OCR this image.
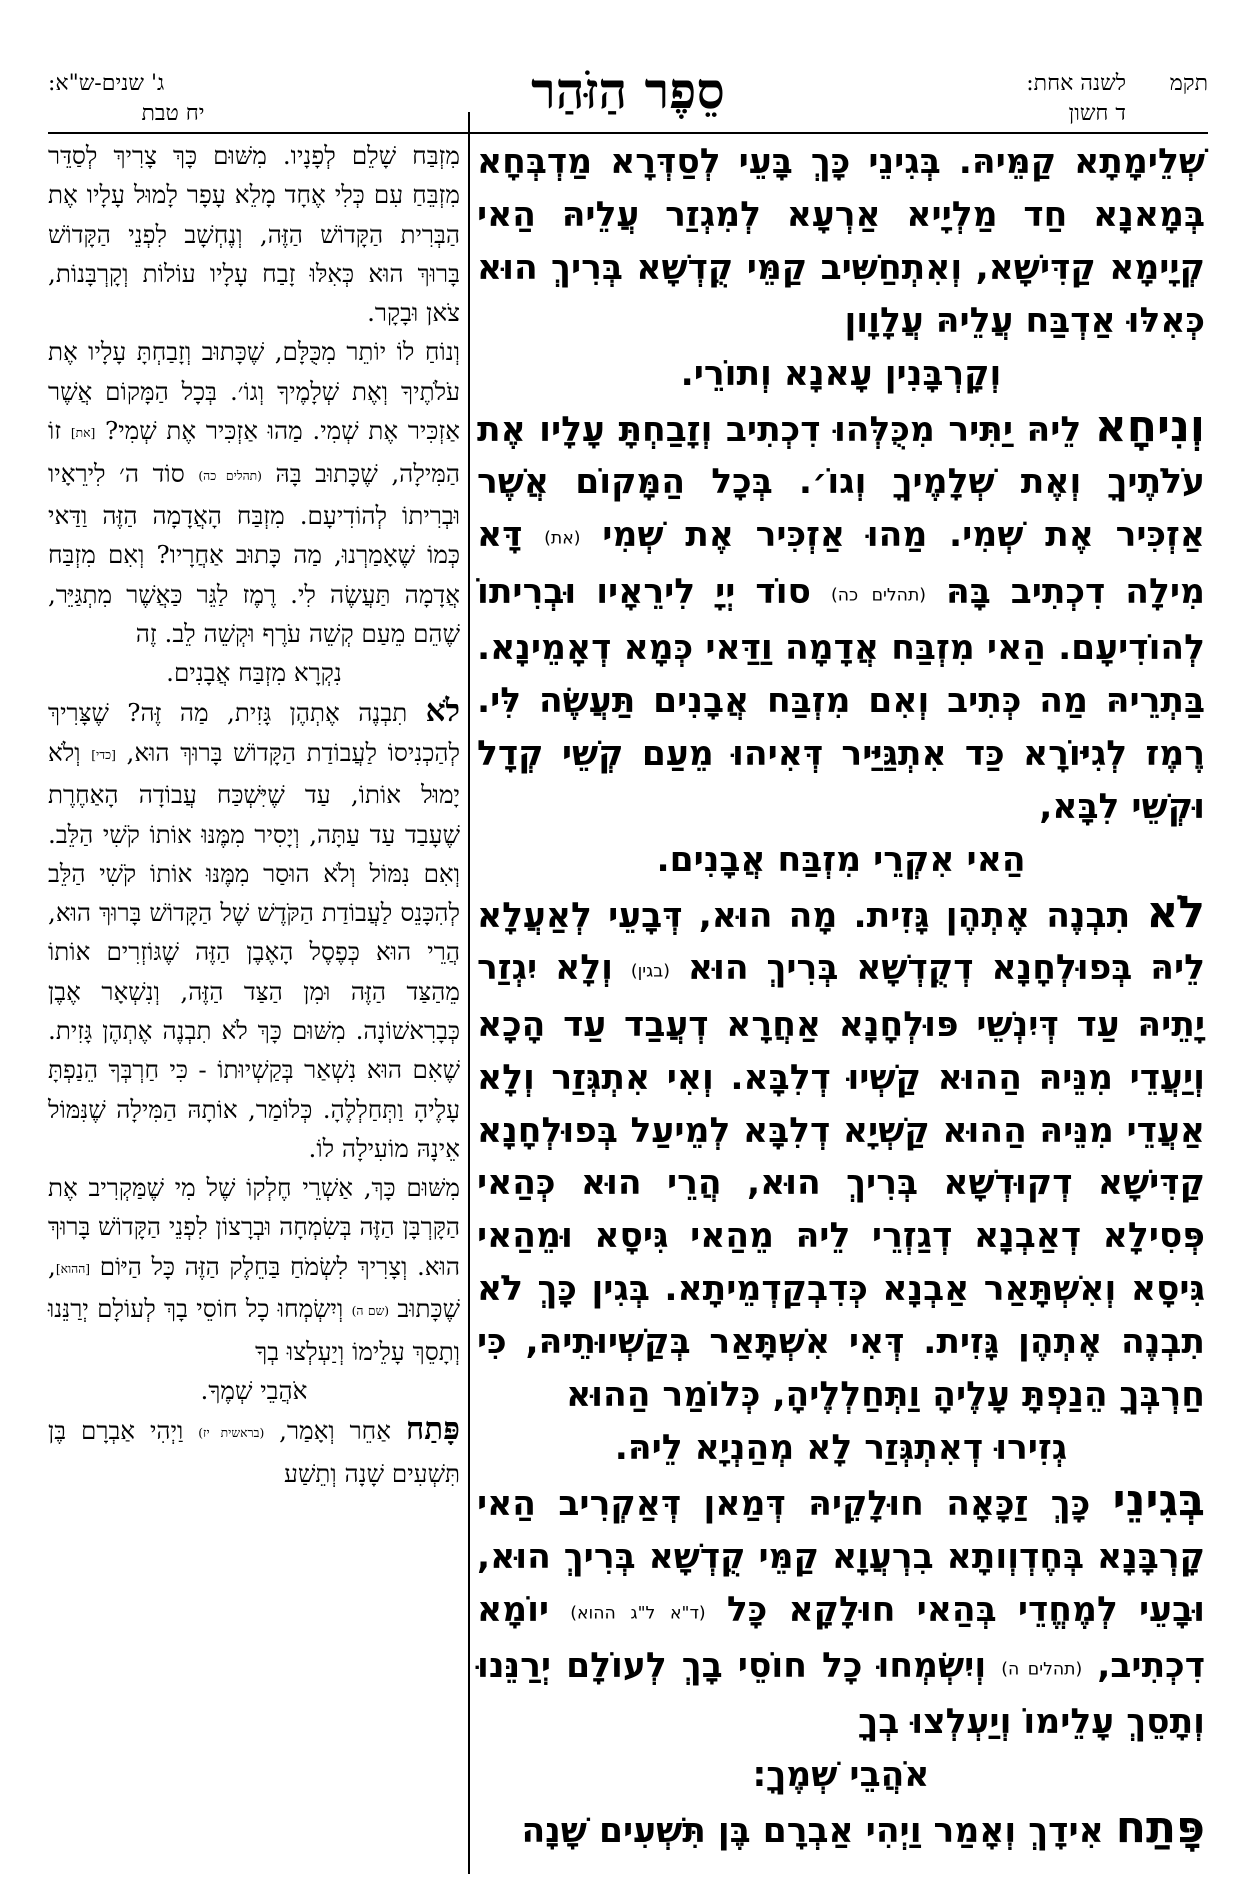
תקמ
לשנה אחת:
ד חשון
סֵפֶר הַזֹּהַר
ג' שנים-ש"א:
יח טבת

שְׁלֵימָתָא קַמֵּיהּ. בְּגִינֵי כָּךְ בָּעֵי לְסַדְּרָא מַדְבְּחָא בְּמָאנָא חַד מַלְיָיא אַרְעָא לְמִגְזַר עֲלֵיהּ הַאי קְיָימָא קַדִּישָׁא, וְאִתְחַשִּׁיב קַמֵּי קֻדְשָׁא בְּרִיךְ הוּא כְּאִלּוּ אַדְבַּח עֲלֵיהּ עֲלָוָון

וְקָרְבָּנִין עָאנָא וְתוֹרֵי.

וְנִיחָא לֵיהּ יַתִּיר מִכֻּלְּהוּ דִכְתִיב וְזָבַחְתָּ עָלָיו אֶת עֹלֹתֶיךָ וְאֶת שְׁלָמֶיךָ וְגוֹ׳. בְּכָל הַמָּקוֹם אֲשֶׁר אַזְכִּיר אֶת שְׁמִי. מַהוּ אַזְכִּיר אֶת שְׁמִי (את) דָּא מִילָה דִכְתִיב בָּהּ (תהלים כה) סוֹד יְיָ לִירֵאָיו וּבְרִיתוֹ לְהוֹדִיעָם. הַאי מִזְבַּח אֲדָמָה וַדַּאי כְּמָא דְאָמֵינָא. בַּתְרֵיהּ מַה כְּתִיב וְאִם מִזְבַּח אֲבָנִים תַּעֲשֶׂה לִּי. רֶמֶז לְגִיּוֹרָא כַּד אִתְגַּיַּיר דְּאִיהוּ מֵעַם קְשֵׁי קְדָל וּקְשֵׁי לִבָּא,

הַאי אִקְרֵי מִזְבַּח אֲבָנִים.

לֹא תִבְנֶה אֶתְהֶן גָּזִית. מָה הוּא, דְּבָעֵי לְאַעֲלָא לֵיהּ בְּפוּלְחָנָא דְקֻדְשָׁא בְּרִיךְ הוּא (בגין) וְלָא יִגְזַר יָתֵיהּ עַד דְּיִנְשֵׁי פּוּלְחָנָא אַחֲרָא דְעֲבַד עַד הָכָא וְיַעֲדֵי מִנֵּיהּ הַהוּא קַשְׁיוּ דְלִבָּא. וְאִי אִתְגְּזַר וְלָא אַעֲדֵי מִנֵּיהּ הַהוּא קַשְׁיָא דְלִבָּא לְמֵיעַל בְּפוּלְחָנָא קַדִּישָׁא דְקוּדְשָׁא בְּרִיךְ הוּא, הֲרֵי הוּא כְּהַאי פְּסִילָא דְאַבְנָא דְגַזְרֵי לֵיהּ מֵהַאי גִּיסָא וּמֵהַאי גִּיסָא וְאִשְׁתָּאַר אַבְנָא כְּדִבְקַדְמֵיתָא. בְּגִין כָּךְ לֹא תִבְנֶה אֶתְהֶן גָּזִית. דְּאִי אִשְׁתָּאַר בְּקַשְׁיוּתֵיהּ, כִּי חַרְבְּךָ הֵנַפְתָּ עָלֶיהָ וַתְּחַלְלֶיהָ, כְּלוֹמַר הַהוּא

גְזִירוּ דְאִתְגְּזַר לָא מְהַנְיָא לֵיהּ.

בְּגִינֵי כָּךְ זַכָּאָה חוּלָקֵיהּ דְּמַאן דְּאַקְרִיב הַאי קָרְבָּנָא בְּחֶדְוְותָא בִרְעֲוָא קַמֵּי קֻדְשָׁא בְּרִיךְ הוּא, וּבָעֵי לְמֶחֱדֵי בְּהַאי חוּלָקָא כָּל (ד"א ל"ג ההוא) יוֹמָא דִכְתִיב, (תהלים ה) וְיִשְׂמְחוּ כָל חוֹסֵי בָךְ לְעוֹלָם יְרַנֵּנוּ וְתָסֵךְ עָלֵימוֹ וְיַעְלְצוּ בְךָ

אֹהֲבֵי שְׁמֶךָ:

פָּתַח אִידָךְ וְאָמַר וַיְהִי אַבְרָם בֶּן תִּשְׁעִים שָׁנָה

מִזְבַּח שָׁלֵם לְפָנָיו. מִשּׁוּם כָּךְ צָרִיךְ לְסַדֵּר מִזְבֵּחַ עִם כְּלִי אֶחָד מָלֵא עָפָר לָמוּל עָלָיו אֶת הַבְּרִית הַקָּדוֹשׁ הַזֶּה, וְנֶחְשָׁב לִפְנֵי הַקָּדוֹשׁ בָּרוּךְ הוּא כְּאִלּוּ זָבַח עָלָיו עוֹלוֹת וְקָרְבָּנוֹת, צֹאן וּבָקָר.

וְנוֹחַ לוֹ יוֹתֵר מִכֻּלָּם, שֶׁכָּתוּב וְזָבַחְתָּ עָלָיו אֶת עֹלֹתֶיךָ וְאֶת שְׁלָמֶיךָ וְגוֹ׳. בְּכָל הַמָּקוֹם אֲשֶׁר אַזְכִּיר אֶת שְׁמִי. מַהוּ אַזְכִּיר אֶת שְׁמִי? [את] זוֹ הַמִּילָה, שֶׁכָּתוּב בָּהּ (תהלים כה) סוֹד ה׳ לִירֵאָיו וּבְרִיתוֹ לְהוֹדִיעָם. מִזְבַּח הָאֲדָמָה הַזֶּה וַדַּאי כְּמוֹ שֶׁאָמַרְנוּ, מַה כָּתוּב אַחֲרָיו? וְאִם מִזְבַּח אֲדָמָה תַּעֲשֶׂה לִי. רֶמֶז לַגֵּר כַּאֲשֶׁר מִתְגַּיֵּר, שֶׁהֵם מֵעַם קְשֵׁה עֹרֶף וּקְשֵׁה לֵב. זֶה

נִקְרָא מִזְבַּח אֲבָנִים.

לֹא תִבְנֶה אֶתְהֶן גָּזִית, מַה זֶּה? שֶׁצָּרִיךְ לְהַכְנִיסוֹ לַעֲבוֹדַת הַקָּדוֹשׁ בָּרוּךְ הוּא, [כדי] וְלֹא יָמוּל אוֹתוֹ, עַד שֶׁיִּשְׁכַּח עֲבוֹדָה הָאַחֶרֶת שֶׁעָבַד עַד עַתָּה, וְיָסִיר מִמֶּנּוּ אוֹתוֹ קֹשִׁי הַלֵּב. וְאִם נִמּוֹל וְלֹא הוּסַר מִמֶּנּוּ אוֹתוֹ קֹשִׁי הַלֵּב לְהִכָּנֵס לַעֲבוֹדַת הַקֹּדֶשׁ שֶׁל הַקָּדוֹשׁ בָּרוּךְ הוּא, הֲרֵי הוּא כְּפֶסֶל הָאֶבֶן הַזֶּה שֶׁגּוֹזְרִים אוֹתוֹ מֵהַצַּד הַזֶּה וּמִן הַצַּד הַזֶּה, וְנִשְׁאָר אֶבֶן כְּבָרִאשׁוֹנָה. מִשּׁוּם כָּךְ לֹא תִבְנֶה אֶתְהֶן גָּזִית. שֶׁאִם הוּא נִשְׁאַר בְּקַשְׁיוּתוֹ - כִּי חַרְבְּךָ הֵנַפְתָּ עָלֶיהָ וַתְּחַלְלֶהָ. כְּלוֹמַר, אוֹתָהּ הַמִּילָה שֶׁנִּמּוֹל אֵינָהּ מוֹעִילָה לוֹ.

מִשּׁוּם כָּךְ, אַשְׁרֵי חֶלְקוֹ שֶׁל מִי שֶׁמַּקְרִיב אֶת הַקָּרְבָּן הַזֶּה בְּשִׂמְחָה וּבְרָצוֹן לִפְנֵי הַקָּדוֹשׁ בָּרוּךְ הוּא. וְצָרִיךְ לִשְׂמֹחַ בַּחֵלֶק הַזֶּה כָּל הַיּוֹם [ההוא], שֶׁכָּתוּב (שם ה) וְיִשְׂמְחוּ כָל חוֹסֵי בָךְ לְעוֹלָם יְרַנֵּנוּ וְתָסֵךְ עָלֵימוֹ וְיַעְלְצוּ בְךָ

אֹהֲבֵי שְׁמֶךָ.

פָּתַח אַחֵר וְאָמַר, (בראשית יז) וַיְהִי אַבְרָם בֶּן תִּשְׁעִים שָׁנָה וְתֵשַׁע
